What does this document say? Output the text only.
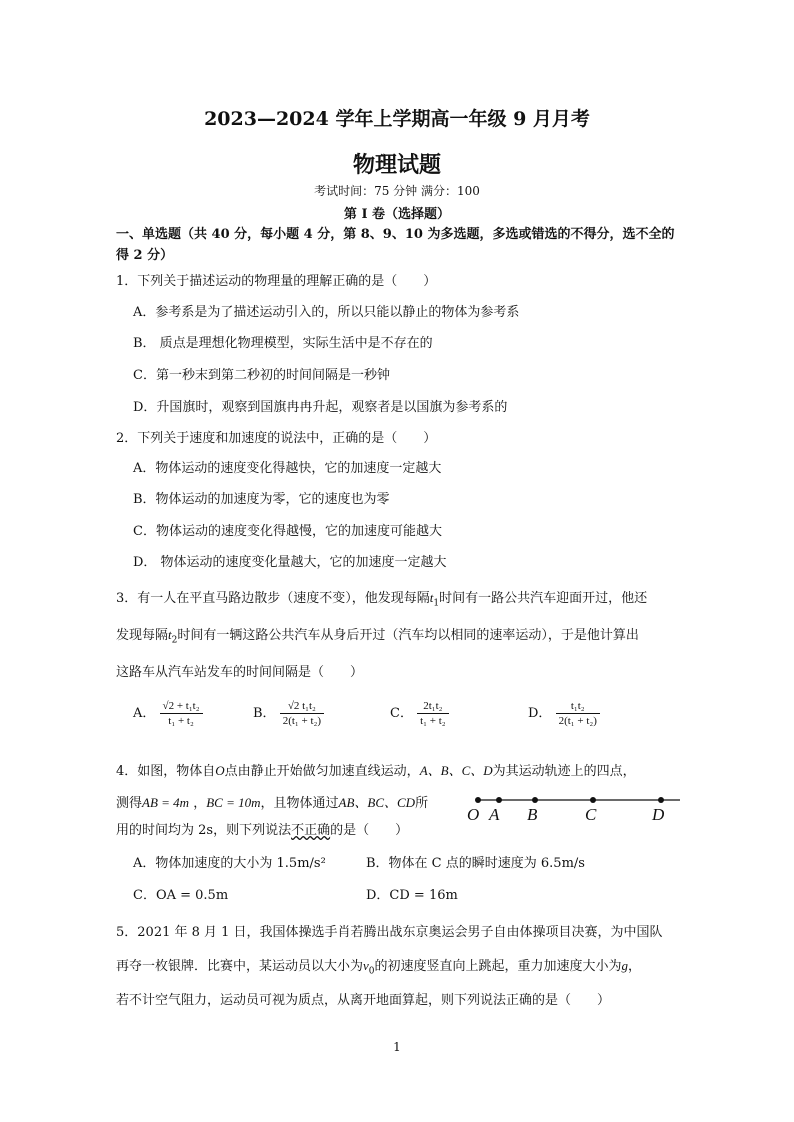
2023—2024 学年上学期高一年级 9 月月考
物理试题
考试时间：75 分钟 满分：100
第 I 卷（选择题）
一、单选题（共 40 分，每小题 4 分，第 8、9、10 为多选题，多选或错选的不得分，选不全的得 2 分）
1．下列关于描述运动的物理量的理解正确的是（　　）
A．参考系是为了描述运动引入的，所以只能以静止的物体为参考系
B． 质点是理想化物理模型，实际生活中是不存在的
C．第一秒末到第二秒初的时间间隔是一秒钟
D．升国旗时，观察到国旗冉冉升起，观察者是以国旗为参考系的
2．下列关于速度和加速度的说法中，正确的是（　　）
A．物体运动的速度变化得越快，它的加速度一定越大
B．物体运动的加速度为零，它的速度也为零
C．物体运动的速度变化得越慢，它的加速度可能越大
D． 物体运动的速度变化量越大，它的加速度一定越大
3．有一人在平直马路边散步（速度不变），他发现每隔$t_1$时间有一路公共汽车迎面开过，他还
发现每隔$t_2$时间有一辆这路公共汽车从身后开过（汽车均以相同的速率运动），于是他计算出
这路车从汽车站发车的时间间隔是（　　）
A． $\frac{\text{√2 + t₁t₂}}{\text{t₁ + t₂}}$	B． $\frac{\text{√2 t₁t₂}}{\text{2(t₁ + t₂)}}$	C． $\frac{\text{2t₁t₂}}{\text{t₁ + t₂}}$	D． $\frac{\text{t₁t₂}}{\text{2(t₁ + t₂)}}$
4．如图，物体自O点由静止开始做匀加速直线运动，A、B、C、D为其运动轨迹上的四点，
测得AB = 4m ，BC = 10m，且物体通过AB、BC、CD所
用的时间均为 2s，则下列说法不正确的是（　　）
O A B	C	D
A．物体加速度的大小为 1.5m/s²	B．物体在 C 点的瞬时速度为 6.5m/s
C．OA = 0.5m	D．CD = 16m
5．2021 年 8 月 1 日，我国体操选手肖若腾出战东京奥运会男子自由体操项目决赛，为中国队
再夺一枚银牌．比赛中，某运动员以大小为$v_0$的初速度竖直向上跳起，重力加速度大小为g，
若不计空气阻力，运动员可视为质点，从离开地面算起，则下列说法正确的是（　　）
1
